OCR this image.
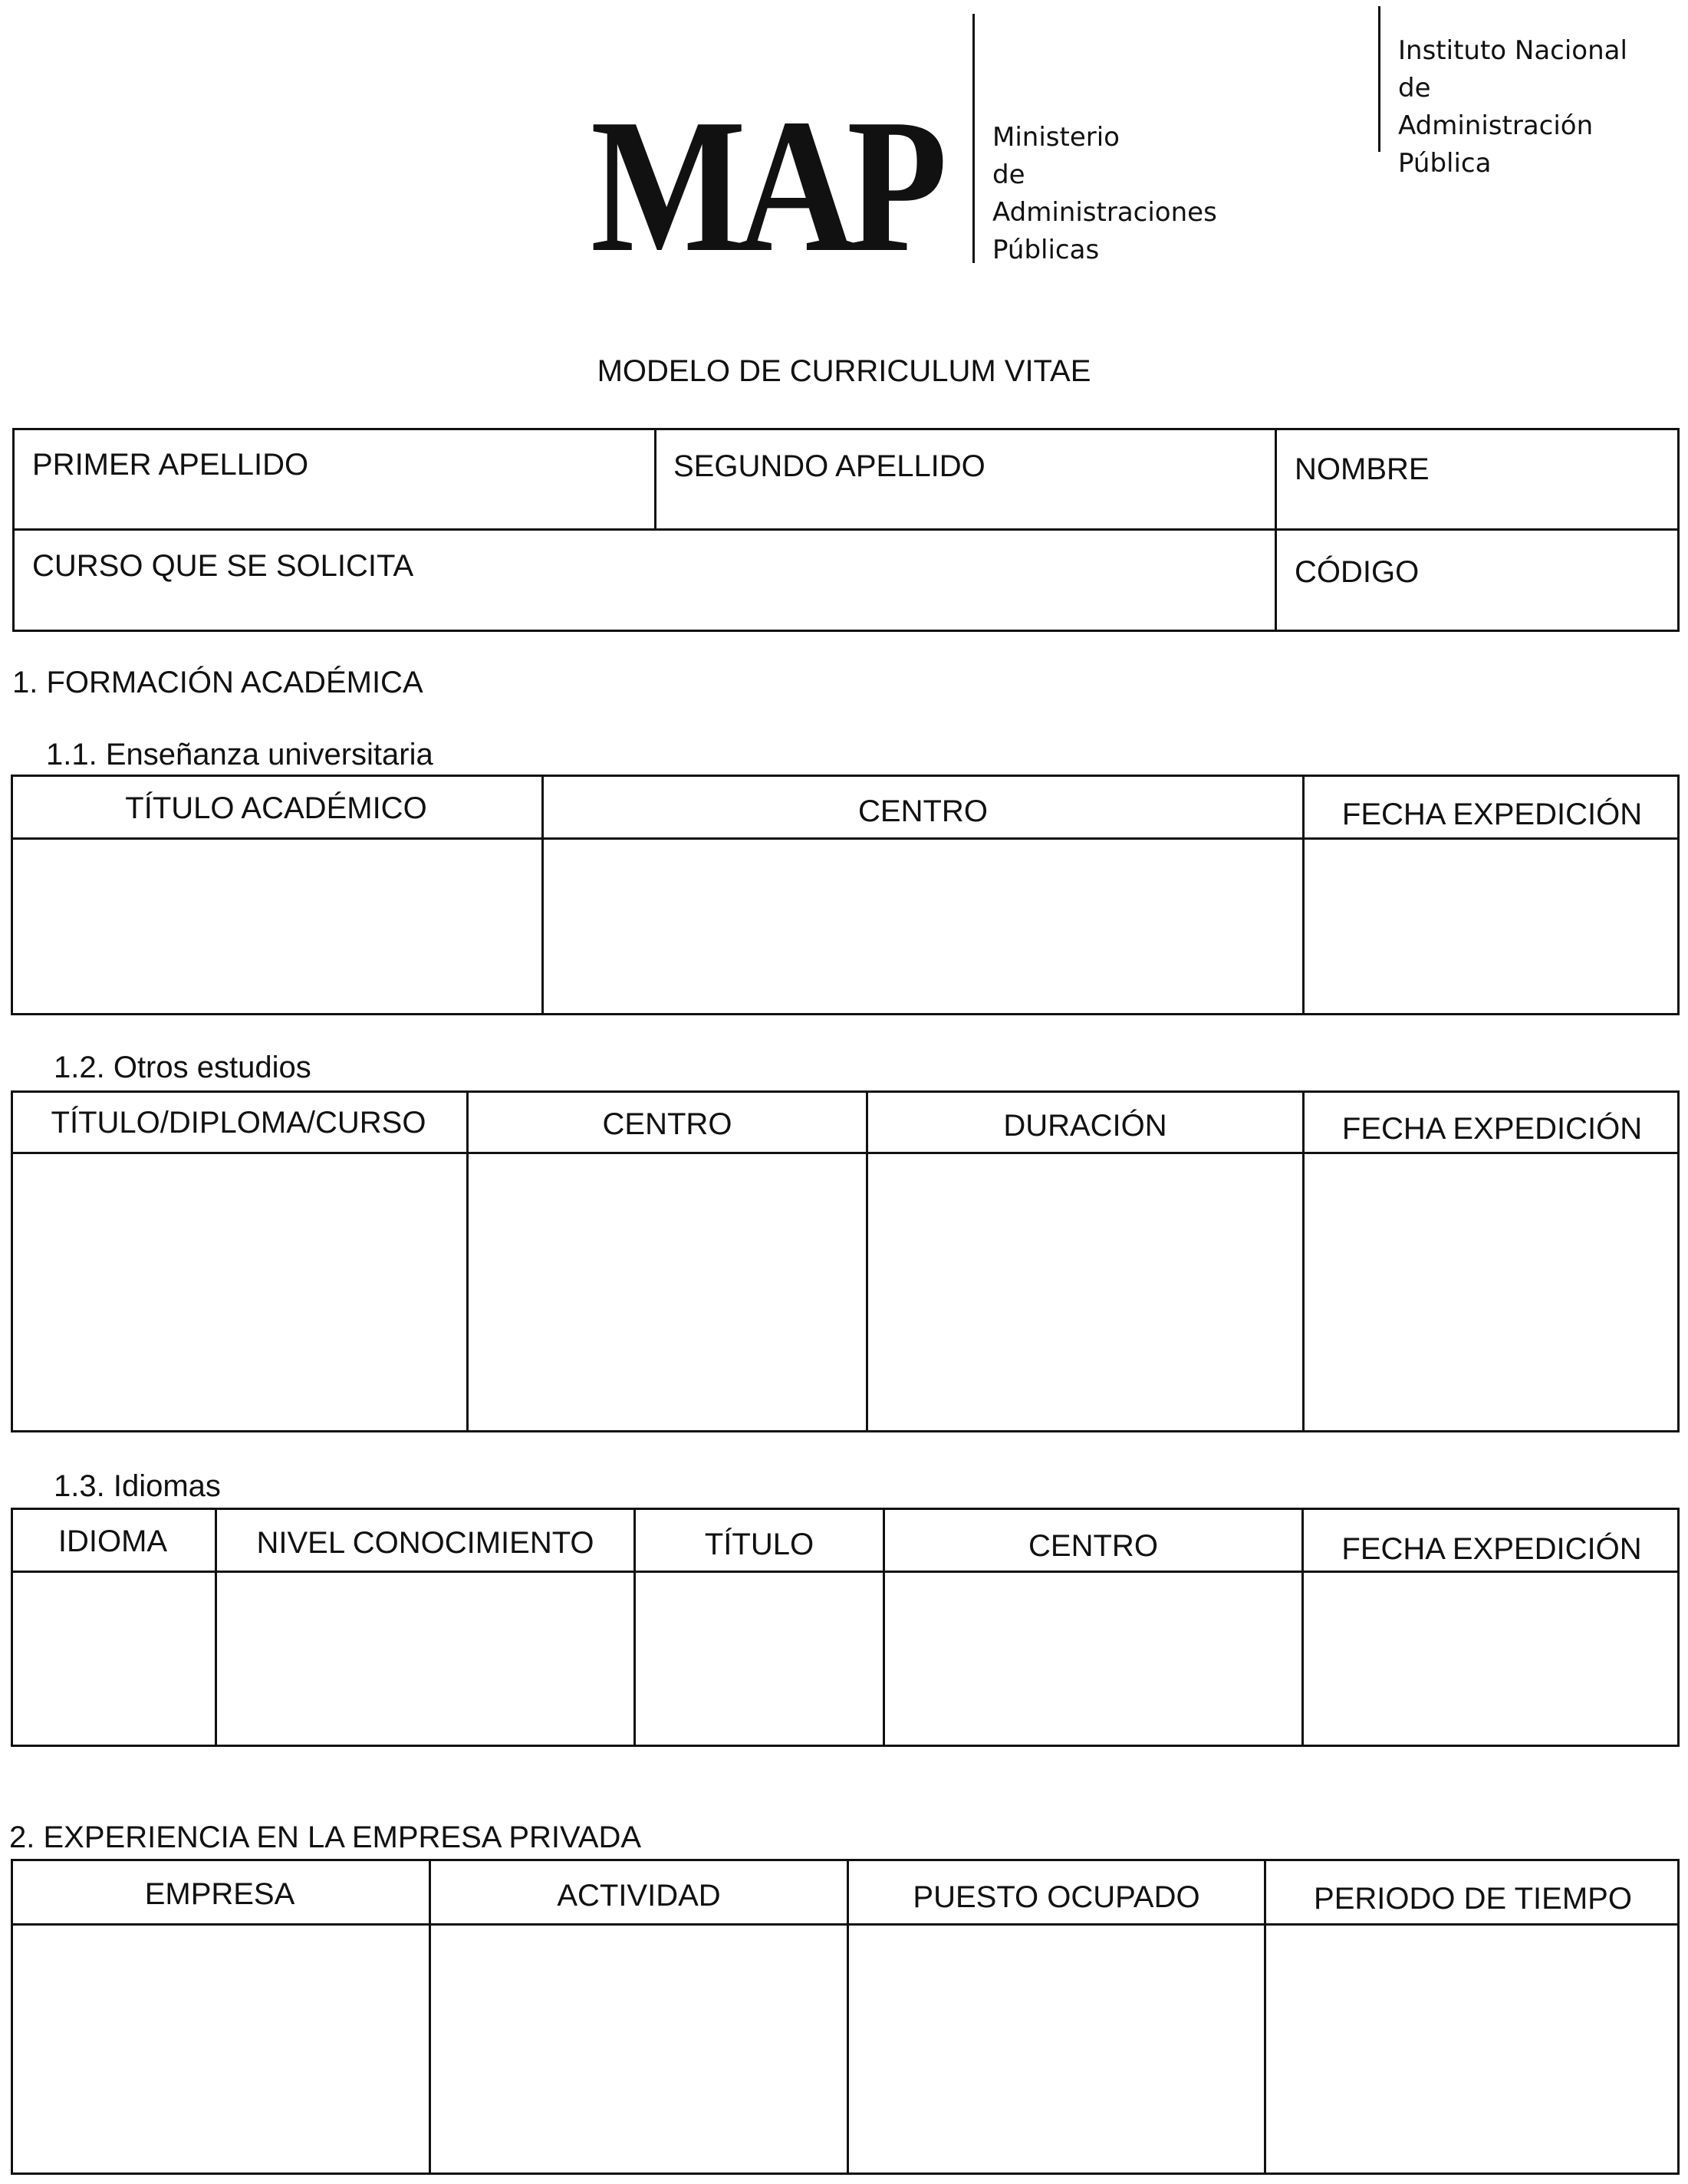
MAP Ministerio
de
Administraciones
Públicas
Instituto Nacional
de
Administración Pública
MODELO DE CURRICULUM VITAE
PRIMER APELLIDO	SEGUNDO APELLIDO	NOMBRE
CURSO QUE SE SOLICITA	CÓDIGO
1. FORMACIÓN ACADÉMICA
1.1. Enseñanza universitaria
TÍTULO ACADÉMICO	CENTRO	FECHA EXPEDICIÓN
1.2. Otros estudios
TÍTULO/DIPLOMA/CURSO	CENTRO	DURACIÓN	FECHA EXPEDICIÓN
1.3. Idiomas
IDIOMA	NIVEL CONOCIMIENTO	TÍTULO	CENTRO	FECHA EXPEDICIÓN
2. EXPERIENCIA EN LA EMPRESA PRIVADA
EMPRESA	ACTIVIDAD	PUESTO OCUPADO	PERIODO DE TIEMPO
